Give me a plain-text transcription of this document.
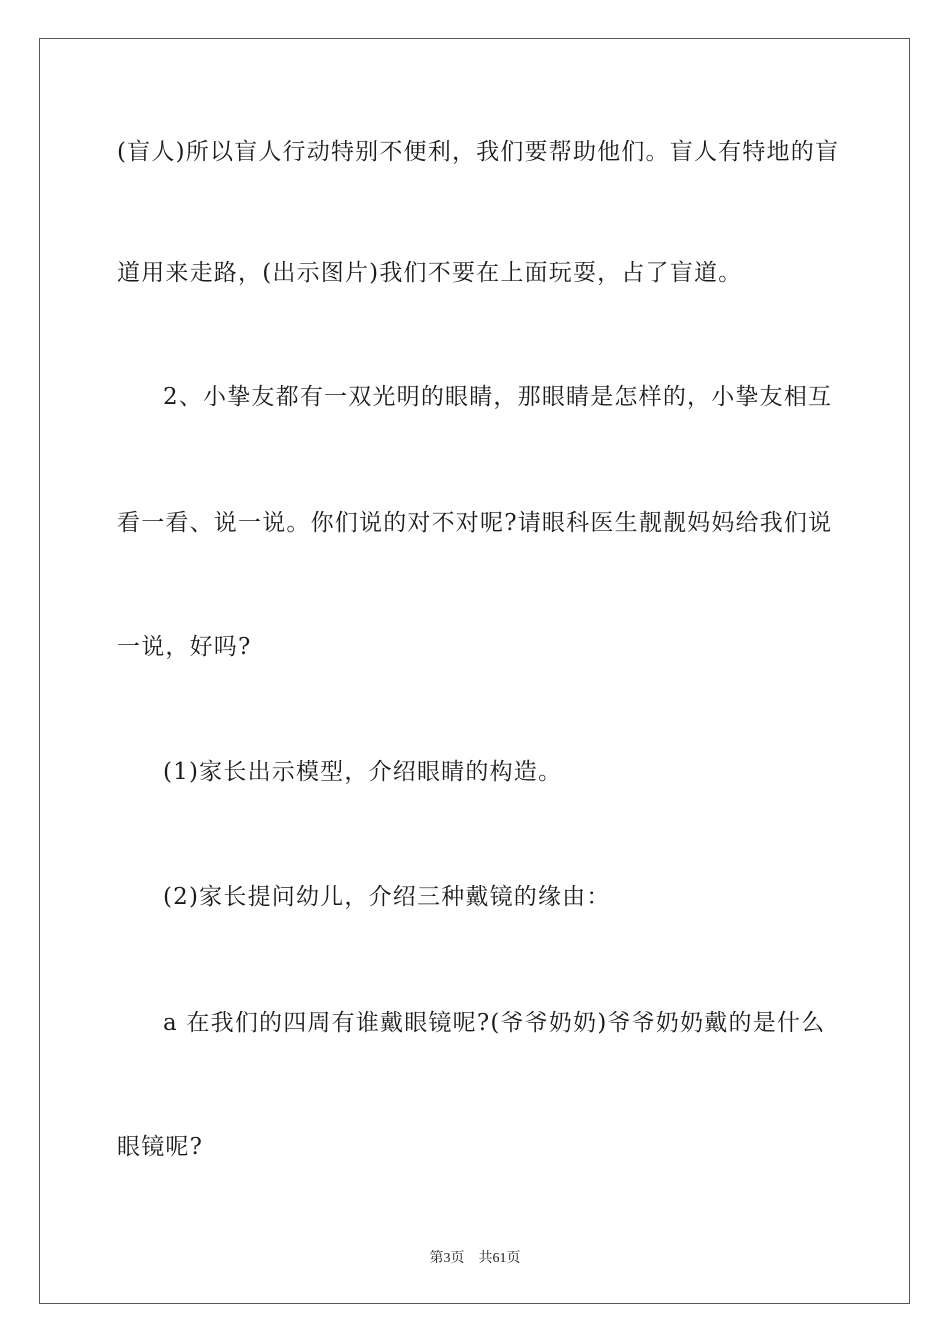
(盲人)所以盲人行动特别不便利，我们要帮助他们。盲人有特地的盲
道用来走路，(出示图片)我们不要在上面玩耍，占了盲道。
2、小挚友都有一双光明的眼睛，那眼睛是怎样的，小挚友相互
看一看、说一说。你们说的对不对呢?请眼科医生靓靓妈妈给我们说
一说，好吗?
(1)家长出示模型，介绍眼睛的构造。
(2)家长提问幼儿，介绍三种戴镜的缘由：
a 在我们的四周有谁戴眼镜呢?(爷爷奶奶)爷爷奶奶戴的是什么
眼镜呢?
第3页 共61页
